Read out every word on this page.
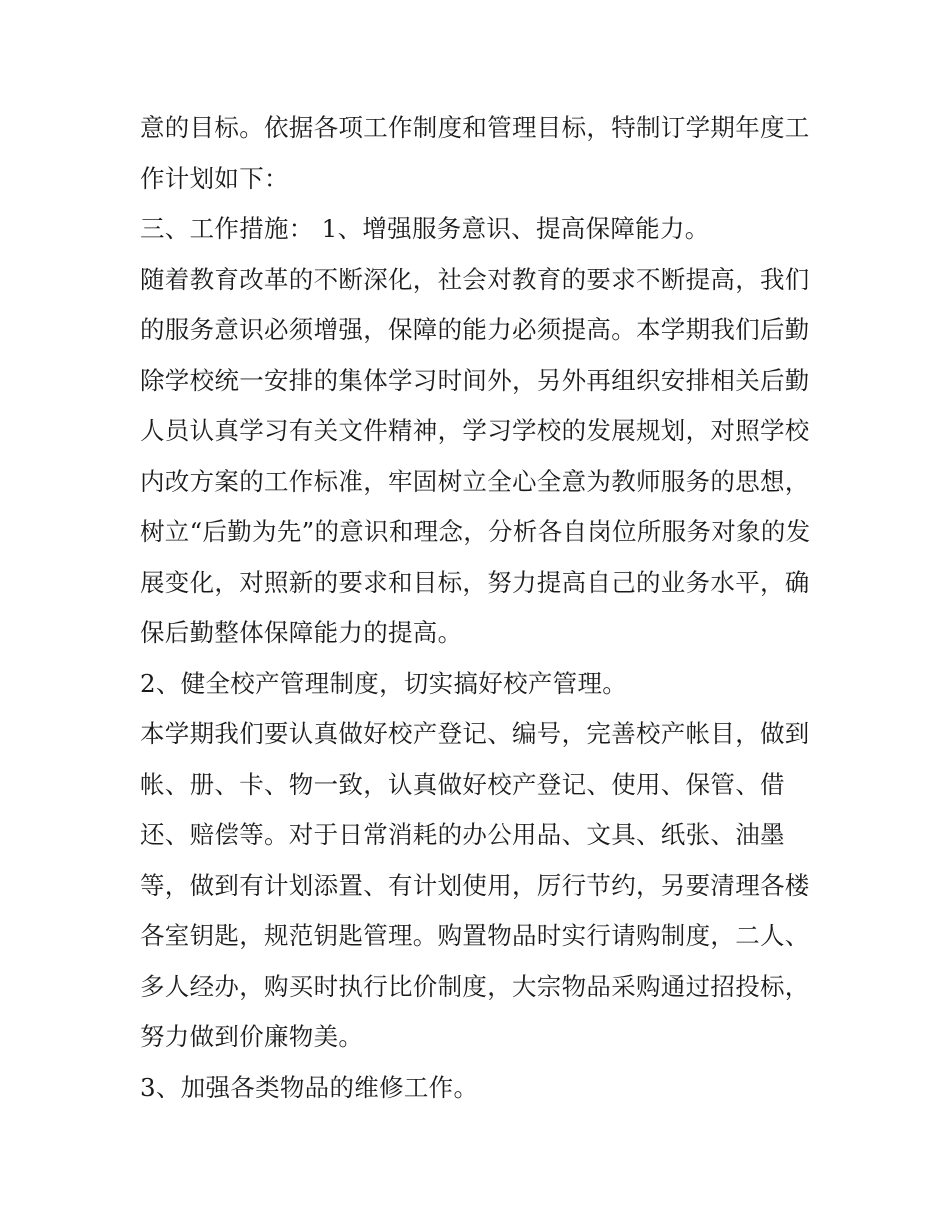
意的目标。依据各项工作制度和管理目标，特制订学期年度工
作计划如下：
三、工作措施： 1、增强服务意识、提高保障能力。
随着教育改革的不断深化，社会对教育的要求不断提高，我们
的服务意识必须增强，保障的能力必须提高。本学期我们后勤
除学校统一安排的集体学习时间外，另外再组织安排相关后勤
人员认真学习有关文件精神，学习学校的发展规划，对照学校
内改方案的工作标准，牢固树立全心全意为教师服务的思想，
树立“后勤为先”的意识和理念，分析各自岗位所服务对象的发
展变化，对照新的要求和目标，努力提高自己的业务水平，确
保后勤整体保障能力的提高。
2、健全校产管理制度，切实搞好校产管理。
本学期我们要认真做好校产登记、编号，完善校产帐目，做到
帐、册、卡、物一致，认真做好校产登记、使用、保管、借
还、赔偿等。对于日常消耗的办公用品、文具、纸张、油墨
等，做到有计划添置、有计划使用，厉行节约，另要清理各楼
各室钥匙，规范钥匙管理。购置物品时实行请购制度，二人、
多人经办，购买时执行比价制度，大宗物品采购通过招投标，
努力做到价廉物美。
3、加强各类物品的维修工作。
